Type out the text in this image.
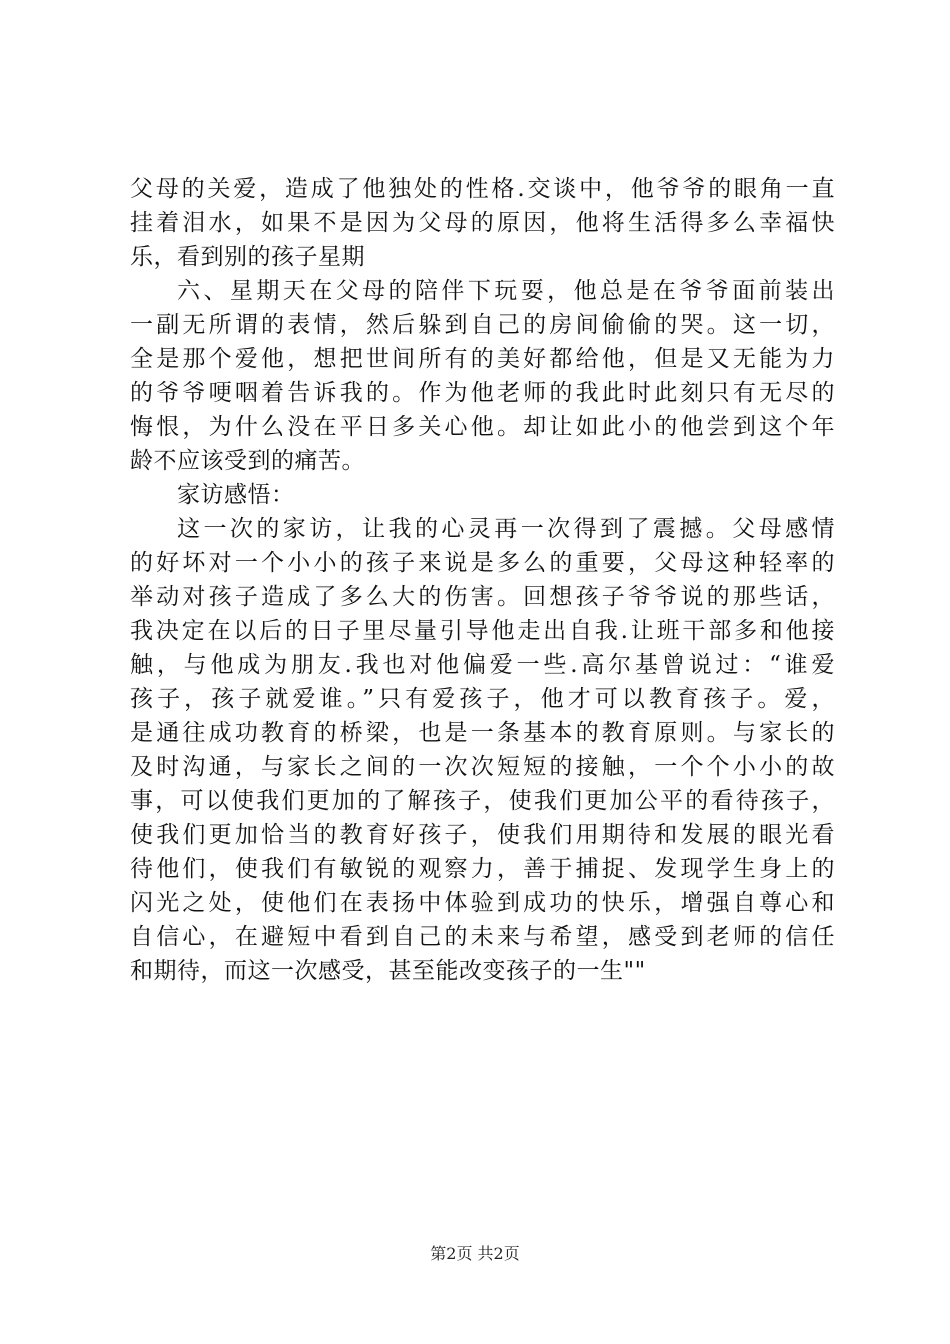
父母的关爱，造成了他独处的性格.交谈中，他爷爷的眼角一直
挂着泪水，如果不是因为父母的原因，他将生活得多么幸福快
乐，看到别的孩子星期
六、星期天在父母的陪伴下玩耍，他总是在爷爷面前装出
一副无所谓的表情，然后躲到自己的房间偷偷的哭。这一切，
全是那个爱他，想把世间所有的美好都给他，但是又无能为力
的爷爷哽咽着告诉我的。作为他老师的我此时此刻只有无尽的
悔恨，为什么没在平日多关心他。却让如此小的他尝到这个年
龄不应该受到的痛苦。
家访感悟：
这一次的家访，让我的心灵再一次得到了震撼。父母感情
的好坏对一个小小的孩子来说是多么的重要，父母这种轻率的
举动对孩子造成了多么大的伤害。回想孩子爷爷说的那些话，
我决定在以后的日子里尽量引导他走出自我.让班干部多和他接
触，与他成为朋友.我也对他偏爱一些.高尔基曾说过：“谁爱
孩子，孩子就爱谁。”只有爱孩子，他才可以教育孩子。爱，
是通往成功教育的桥梁，也是一条基本的教育原则。与家长的
及时沟通，与家长之间的一次次短短的接触，一个个小小的故
事，可以使我们更加的了解孩子，使我们更加公平的看待孩子，
使我们更加恰当的教育好孩子，使我们用期待和发展的眼光看
待他们，使我们有敏锐的观察力，善于捕捉、发现学生身上的
闪光之处，使他们在表扬中体验到成功的快乐，增强自尊心和
自信心，在避短中看到自己的未来与希望，感受到老师的信任
和期待，而这一次感受，甚至能改变孩子的一生""
第2页 共2页
